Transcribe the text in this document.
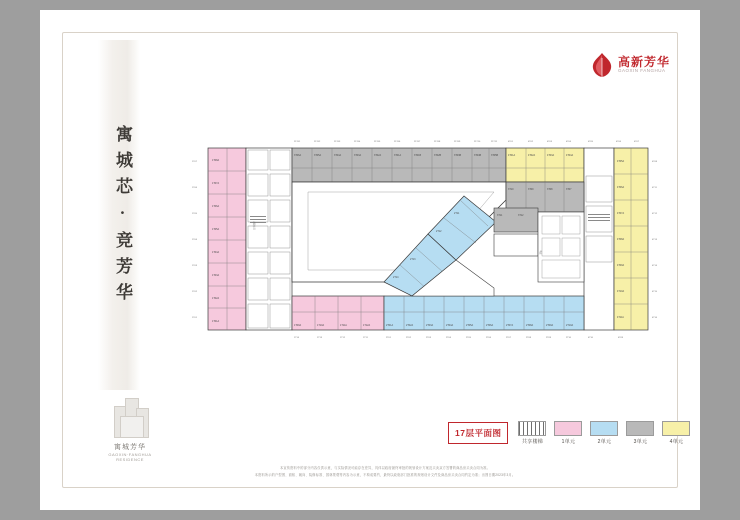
高新芳华
GAOXIN FANGHUA
寓城芯·竞芳华
寓城芳华
GAOXIN·FANGHUA RESIDENCE
1T08A
1T07A
1T06A
1T05A
1T04A
1T03A
1T02A
1T01A
3T06A	3T05A	3T04A	3T03A	3T02A	3T01A	3T01B	3T02B	3T03B	3T04B	3T05B	4T01A	4T02A	4T03A	4T04A
4T05A
4T06A
4T07A
4T08A
4T09A
4T10A
4T11A
1T09A	1T10A	1T11A	1T12A	2T01A	2T02A	2T03A	2T04A	2T05A	2T06A	2T07A	2T08A	2T09A	2T10A
3T10	3T09	3T08	3T07
2T14
2T13
2T12
2T11
3T11	3T12
中庭
21T01	21T02	21T03	21T04	21T05	21T06	21T07	21T08	21T09	21T10	21T11	4T01	4T02	4T03	4T04	4T05	4T06	4T07
1T14	1T13	1T12	1T11	2T01	2T02	2T03	2T04	2T05	2T06	2T07	2T08	2T09	2T10	4T10	4T09
1T07
1T06
1T05
1T04
1T03
1T02
1T01
4T08
4T11
4T12
4T13
4T14
4T15
4T16
共享楼梯
17层平面图
共享楼梯	1单元	2单元	3单元	4单元
本宣传资料中的部分内容仅供示意，与实际情况可能存在差异，具体以政府最终审批的规划设计方案及买卖双方签署的商品房买卖合同为准。
本资料所示的户型图、面积、朝向、装修标准、园林景观等内容为示意，不构成要约，最终以政府部门批准的规划设计文件及商品房买卖合同约定为准；出图日期2023年3月。
